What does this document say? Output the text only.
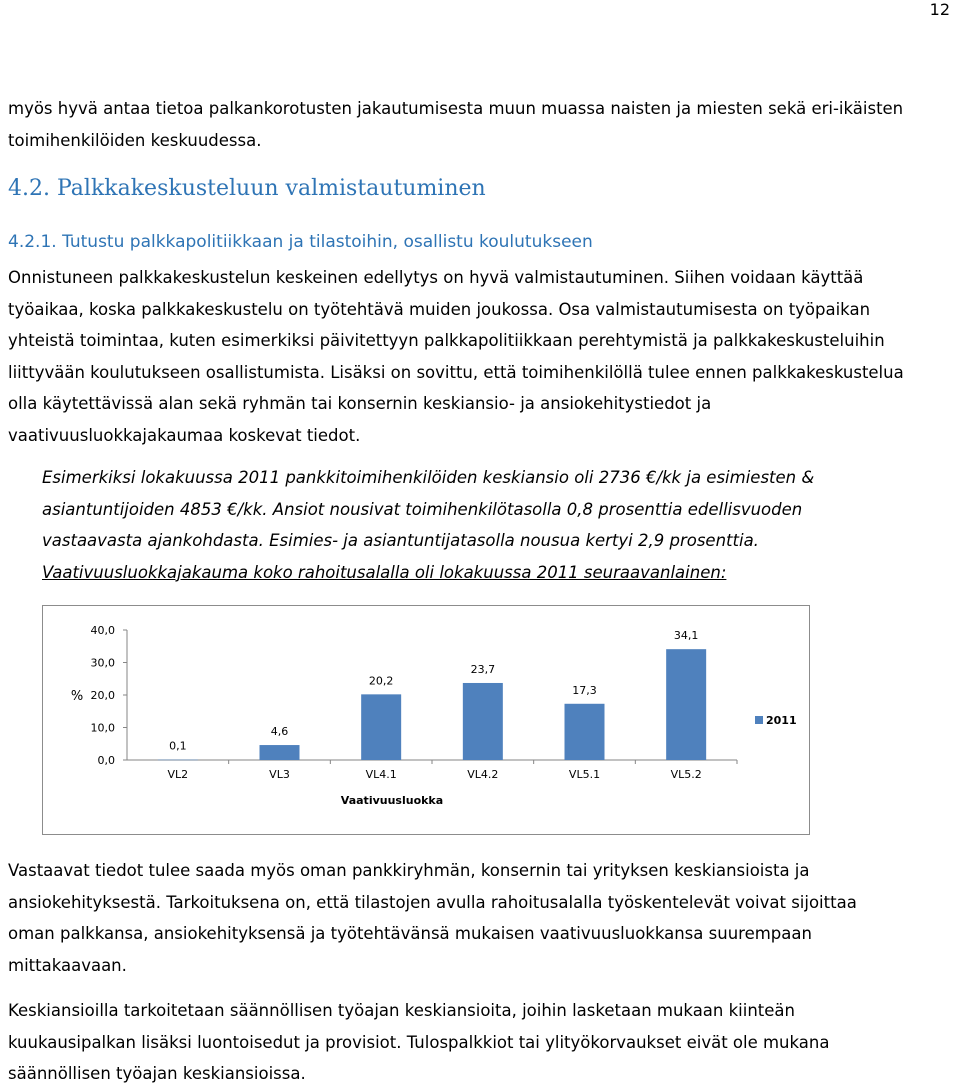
12

myös hyvä antaa tietoa palkankorotusten jakautumisesta muun muassa naisten ja miesten sekä eri-ikäisten
toimihenkilöiden keskuudessa.

4.2. Palkkakeskusteluun valmistautuminen
4.2.1. Tutustu palkkapolitiikkaan ja tilastoihin, osallistu koulutukseen

Onnistuneen palkkakeskustelun keskeinen edellytys on hyvä valmistautuminen. Siihen voidaan käyttää
työaikaa, koska palkkakeskustelu on työtehtävä muiden joukossa. Osa valmistautumisesta on työpaikan
yhteistä toimintaa, kuten esimerkiksi päivitettyyn palkkapolitiikkaan perehtymistä ja palkkakeskusteluihin
liittyvään koulutukseen osallistumista. Lisäksi on sovittu, että toimihenkilöllä tulee ennen palkkakeskustelua
olla käytettävissä alan sekä ryhmän tai konsernin keskiansio- ja ansiokehitystiedot ja
vaativuusluokkajakaumaa koskevat tiedot.

Esimerkiksi lokakuussa 2011 pankkitoimihenkilöiden keskiansio oli 2736 €/kk ja esimiesten &
asiantuntijoiden 4853 €/kk. Ansiot nousivat toimihenkilötasolla 0,8 prosenttia edellisvuoden
vastaavasta ajankohdasta. Esimies- ja asiantuntijatasolla nousua kertyi 2,9 prosenttia.
Vaativuusluokkajakauma koko rahoitusalalla oli lokakuussa 2011 seuraavanlainen:

0,0
10,0
20,0
30,0
40,0
%
0,1
VL2
4,6
VL3
20,2
VL4.1
23,7
VL4.2
17,3
VL5.1
34,1
VL5.2
Vaativuusluokka
2011

Vastaavat tiedot tulee saada myös oman pankkiryhmän, konsernin tai yrityksen keskiansioista ja
ansiokehityksestä. Tarkoituksena on, että tilastojen avulla rahoitusalalla työskentelevät voivat sijoittaa
oman palkkansa, ansiokehityksensä ja työtehtävänsä mukaisen vaativuusluokkansa suurempaan
mittakaavaan.

Keskiansioilla tarkoitetaan säännöllisen työajan keskiansioita, joihin lasketaan mukaan kiinteän
kuukausipalkan lisäksi luontoisedut ja provisiot. Tulospalkkiot tai ylityökorvaukset eivät ole mukana
säännöllisen työajan keskiansioissa.
